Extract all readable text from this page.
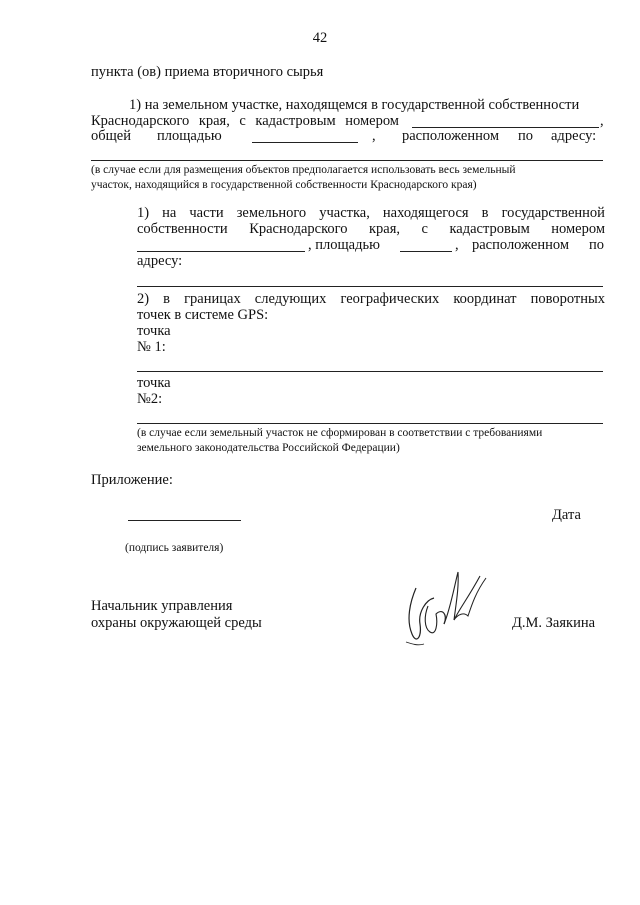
42
пункта (ов) приема вторичного сырья
1) на земельном участке, находящемся в государственной собственности
Краснодарского края, с кадастровым номером	,
общей площадью	, расположенном по адресу:
(в случае если для размещения объектов предполагается использовать весь земельный
участок, находящийся в государственной собственности Краснодарского края)
1) на части земельного участка, находящегося в государственной
собственности Краснодарского края, с кадастровым номером
, площадью	, расположенном по
адресу:
2) в границах следующих географических координат поворотных
точек в системе GPS:
точка
№ 1:
точка
№2:
(в случае если земельный участок не сформирован в соответствии с требованиями
земельного законодательства Российской Федерации)
Приложение:
Дата
(подпись заявителя)
Начальник управления
охраны окружающей среды	Д.М. Заякина
